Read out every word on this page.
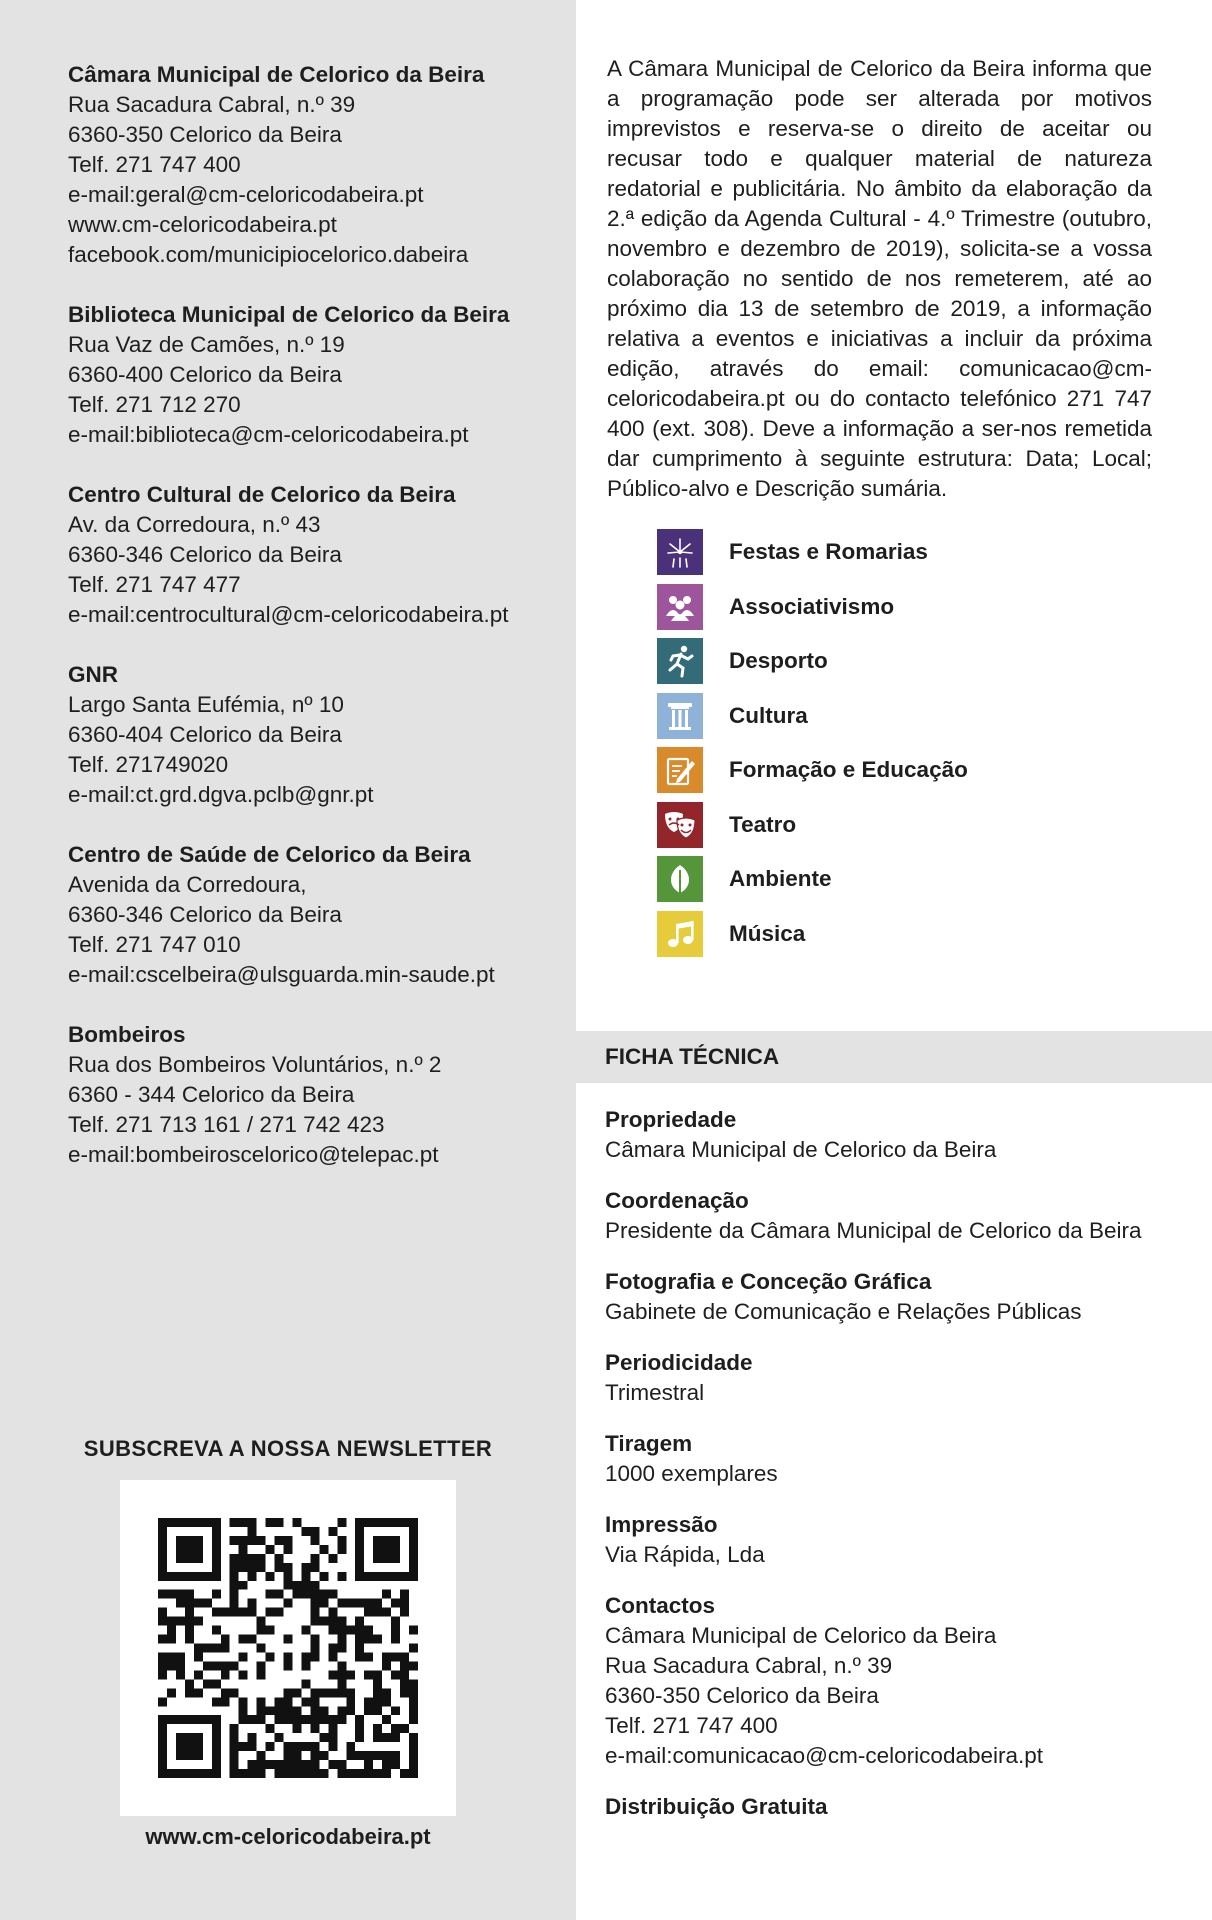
Câmara Municipal de Celorico da Beira
Rua Sacadura Cabral, n.º 39
6360-350 Celorico da Beira
Telf. 271 747 400
e-mail:geral@cm-celoricodabeira.pt
www.cm-celoricodabeira.pt
facebook.com/municipiocelorico.dabeira
Biblioteca Municipal de Celorico da Beira
Rua Vaz de Camões, n.º 19
6360-400 Celorico da Beira
Telf. 271 712 270
e-mail:biblioteca@cm-celoricodabeira.pt
Centro Cultural de Celorico da Beira
Av. da Corredoura, n.º 43
6360-346 Celorico da Beira
Telf. 271 747 477
e-mail:centrocultural@cm-celoricodabeira.pt
GNR
Largo Santa Eufémia, nº 10
6360-404 Celorico da Beira
Telf. 271749020
e-mail:ct.grd.dgva.pclb@gnr.pt
Centro de Saúde de Celorico da Beira
Avenida da Corredoura,
6360-346 Celorico da Beira
Telf. 271 747 010
e-mail:cscelbeira@ulsguarda.min-saude.pt
Bombeiros
Rua dos Bombeiros Voluntários, n.º 2
6360 - 344 Celorico da Beira
Telf. 271 713 161 / 271 742 423
e-mail:bombeiroscelorico@telepac.pt
SUBSCREVA A NOSSA NEWSLETTER
www.cm-celoricodabeira.pt

A Câmara Municipal de Celorico da Beira informa que a programação pode ser alterada por motivos imprevistos e reserva-se o direito de aceitar ou recusar todo e qualquer material de natureza redatorial e publicitária. No âmbito da elaboração da 2.ª edição da Agenda Cultural - 4.º Trimestre (outubro, novembro e dezembro de 2019), solicita-se a vossa colaboração no sentido de nos remeterem, até ao próximo dia 13 de setembro de 2019, a informação relativa a eventos e iniciativas a incluir da próxima edição, através do email: comunicacao@cm-celoricodabeira.pt ou do contacto telefónico 271 747 400 (ext. 308). Deve a informação a ser-nos remetida dar cumprimento à seguinte estrutura: Data; Local; Público-alvo e Descrição sumária.

Festas e Romarias
Associativismo
Desporto
Cultura
Formação e Educação
Teatro
Ambiente
Música
FICHA TÉCNICA
Propriedade
Câmara Municipal de Celorico da Beira
Coordenação
Presidente da Câmara Municipal de Celorico da Beira
Fotografia e Conceção Gráfica
Gabinete de Comunicação e Relações Públicas
Periodicidade
Trimestral
Tiragem
1000 exemplares
Impressão
Via Rápida, Lda
Contactos
Câmara Municipal de Celorico da Beira
Rua Sacadura Cabral, n.º 39
6360-350 Celorico da Beira
Telf. 271 747 400
e-mail:comunicacao@cm-celoricodabeira.pt
Distribuição Gratuita
